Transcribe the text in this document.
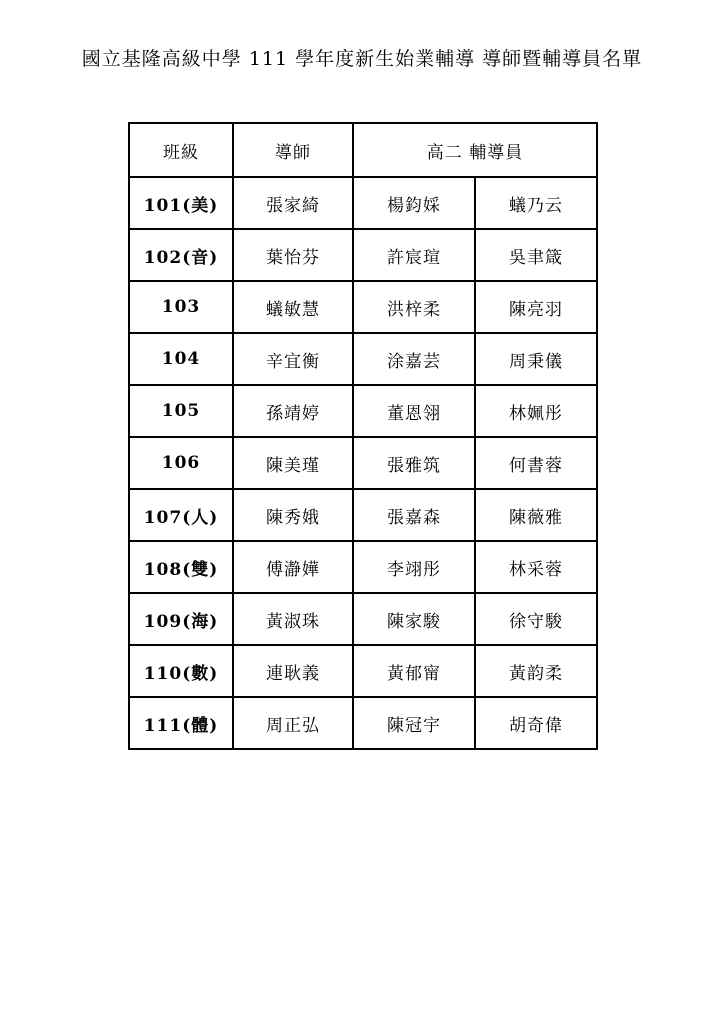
國立基隆高級中學 111 學年度新生始業輔導 導師暨輔導員名單
班級	導師	高二 輔導員	
101(美)	張家綺	楊鈞婇	蟻乃云
102(音)	葉怡芬	許宸瑄	吳聿箴
103	蟻敏慧	洪梓柔	陳亮羽
104	辛宜衡	涂嘉芸	周秉儀
105	孫靖婷	董恩翎	林姵彤
106	陳美瑾	張雅筑	何書蓉
107(人)	陳秀娥	張嘉森	陳薇雅
108(雙)	傅瀞嬅	李翊彤	林采蓉
109(海)	黃淑珠	陳家駿	徐守駿
110(數)	連耿義	黃郁甯	黃韵柔
111(體)	周正弘	陳冠宇	胡奇偉
